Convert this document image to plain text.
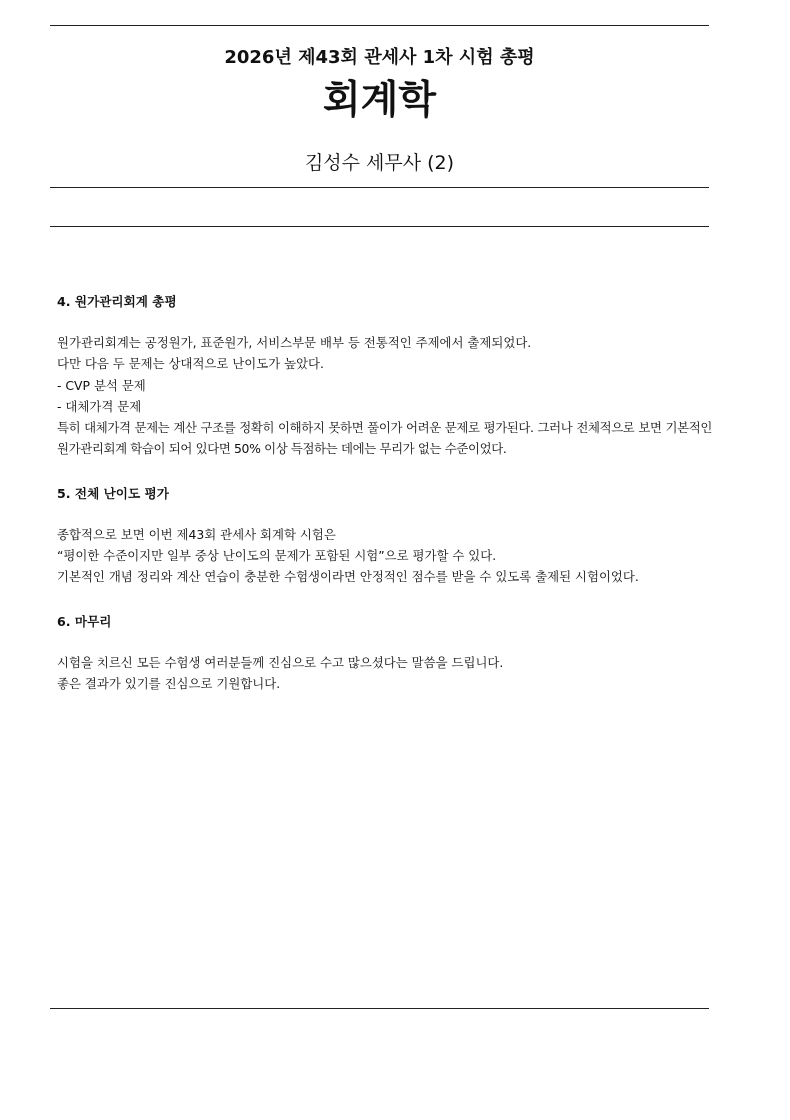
2026년 제43회 관세사 1차 시험 총평
회계학
김성수 세무사 (2)
4. 원가관리회계 총평

원가관리회계는 공정원가, 표준원가, 서비스부문 배부 등 전통적인 주제에서 출제되었다.

다만 다음 두 문제는 상대적으로 난이도가 높았다.

- CVP 분석 문제

- 대체가격 문제

특히 대체가격 문제는 계산 구조를 정확히 이해하지 못하면 풀이가 어려운 문제로 평가된다. 그러나 전체적으로 보면 기본적인 원가관리회계 학습이 되어 있다면 50% 이상 득점하는 데에는 무리가 없는 수준이었다.

5. 전체 난이도 평가

종합적으로 보면 이번 제43회 관세사 회계학 시험은

“평이한 수준이지만 일부 중상 난이도의 문제가 포함된 시험”으로 평가할 수 있다.

기본적인 개념 정리와 계산 연습이 충분한 수험생이라면 안정적인 점수를 받을 수 있도록 출제된 시험이었다.

6. 마무리

시험을 치르신 모든 수험생 여러분들께 진심으로 수고 많으셨다는 말씀을 드립니다.

좋은 결과가 있기를 진심으로 기원합니다.
